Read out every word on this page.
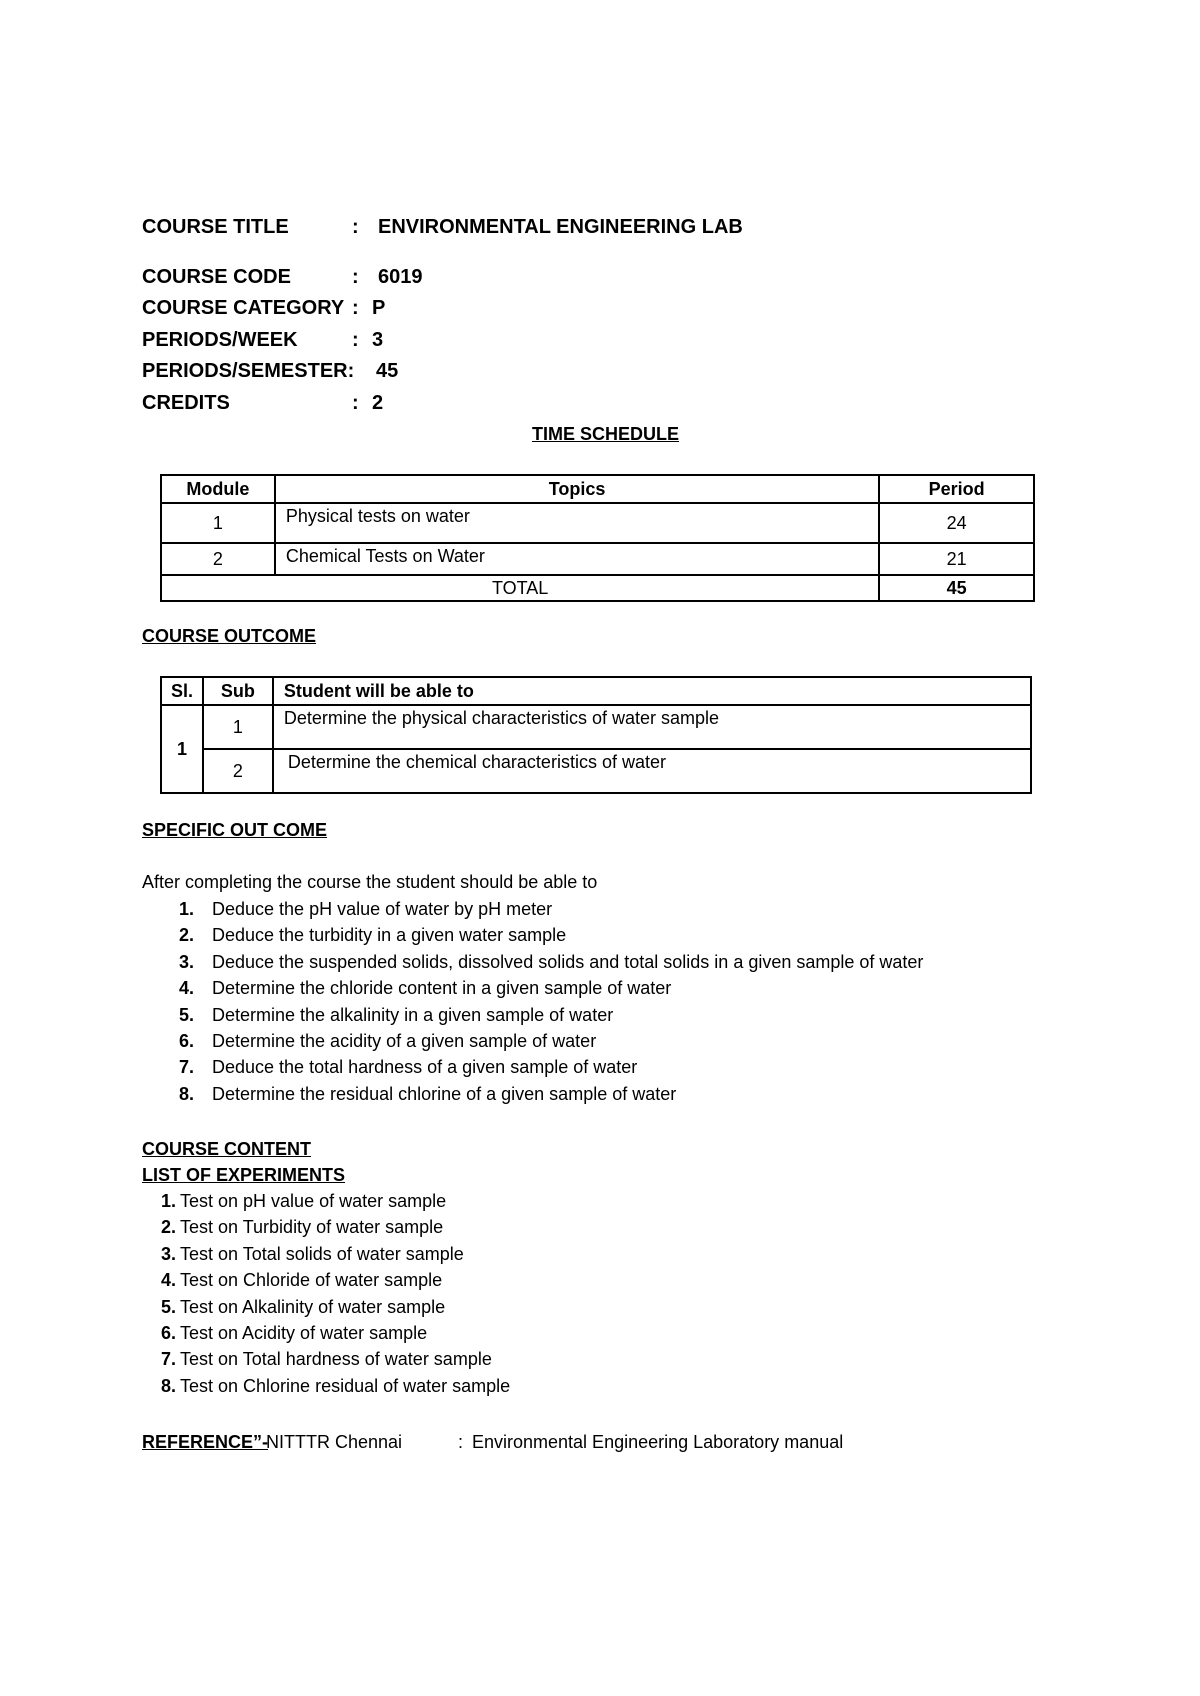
COURSE TITLE	: ENVIRONMENTAL ENGINEERING LAB
COURSE CODE	: 6019
COURSE CATEGORY : P
PERIODS/WEEK	: 3
PERIODS/SEMESTER: 45
CREDITS	: 2
TIME SCHEDULE
Module	Topics	Period
1	Physical tests on water	24
2	Chemical Tests on Water	21
TOTAL		45
COURSE OUTCOME
Sl.	Sub	Student will be able to
1	1	Determine the physical characteristics of water sample
	2	Determine the chemical characteristics of water
SPECIFIC OUT COME
After completing the course the student should be able to
1. Deduce the pH value of water by pH meter
2. Deduce the turbidity in a given water sample
3. Deduce the suspended solids, dissolved solids and total solids in a given sample of water
4. Determine the chloride content in a given sample of water
5. Determine the alkalinity in a given sample of water
6. Determine the acidity of a given sample of water
7. Deduce the total hardness of a given sample of water
8. Determine the residual chlorine of a given sample of water
COURSE CONTENT
LIST OF EXPERIMENTS
1. Test on pH value of water sample
2. Test on Turbidity of water sample
3. Test on Total solids of water sample
4. Test on Chloride of water sample
5. Test on Alkalinity of water sample
6. Test on Acidity of water sample
7. Test on Total hardness of water sample
8. Test on Chlorine residual of water sample
REFERENCE”-
NITTTR Chennai	: Environmental Engineering Laboratory manual
